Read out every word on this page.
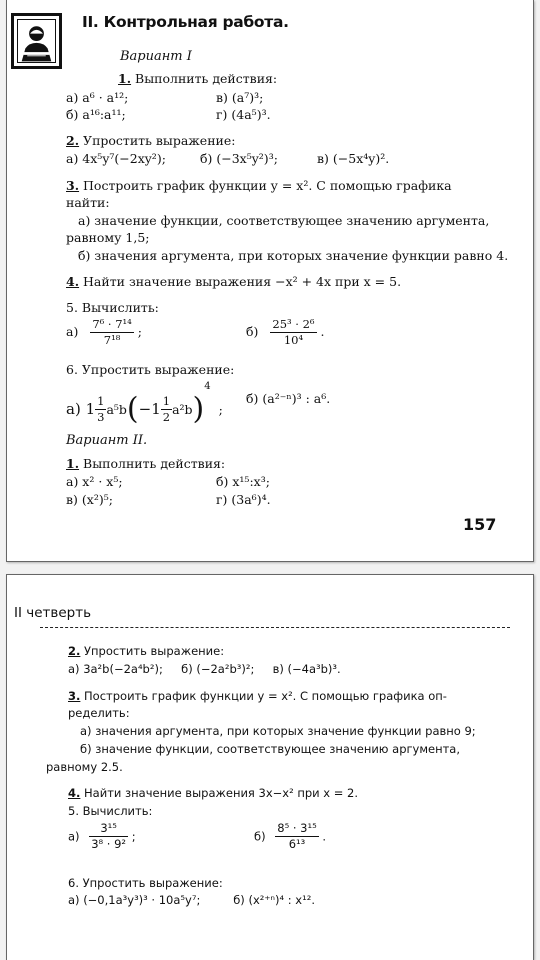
II. Контрольная работа.
Вариант I
1. Выполнить действия:
а) a⁶ · a¹²;	в) (a⁷)³;
б) a¹⁶:a¹¹;	г) (4a⁵)³.
2. Упростить выражение:
а) 4x⁵y⁷(−2xy²);	б) (−3x⁵y²)³;	в) (−5x⁴y)².
3. Построить график функции y = x². С помощью графика
найти:
а) значение функции, соответствующее значению аргумента,
равному 1,5;
б) значения аргумента, при которых значение функции равно 4.
4. Найти значение выражения −x² + 4x при x = 5.
5. Вычислить:
$а) \frac{\text{7⁶ · 7¹⁴}}{\text{7¹⁸}}$ ;	$б) \frac{\text{25³ · 2⁶}}{\text{10⁴}}$ .
6. Упростить выражение:
а) $1 \frac{1}{3} a^5b(-1 \frac{1}{2} a^2b)^4$ ;
б) (a²⁻ⁿ)³ : a⁶.
Вариант II.
1. Выполнить действия:
а) x² · x⁵;	б) x¹⁵:x³;
в) (x²)⁵;	г) (3a⁶)⁴.
157
II четверть
2. Упростить выражение:
а) 3a²b(−2a⁴b²);     б) (−2a²b³)²;     в) (−4a³b)³.
3. Построить график функции y = x². С помощью графика оп-
ределить:
а) значения аргумента, при которых значение функции равно 9;
б) значение функции, соответствующее значению аргумента,
равному 2.5.
4. Найти значение выражения 3x−x² при x = 2.
5. Вычислить:
$а) \frac{\text{3¹⁵}}{\text{3⁸ · 9²}}$ ;	$б) \frac{\text{8⁵ · 3¹⁵}}{\text{6¹³}}$ .
6. Упростить выражение:
а) (−0,1a³y³)³ · 10a⁵y⁷;         б) (x²⁺ⁿ)⁴ : x¹².
